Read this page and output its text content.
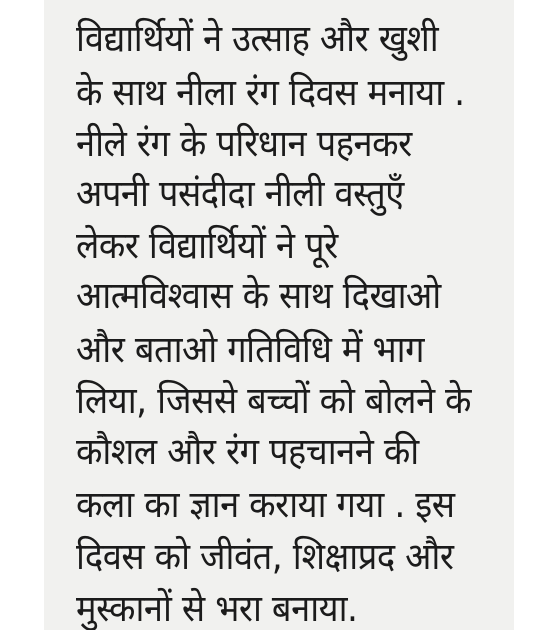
विद्यार्थियों ने उत्साह और खुशी

के साथ नीला रंग दिवस मनाया .

नीले रंग के परिधान पहनकर

अपनी पसंदीदा नीली वस्तुएँ

लेकर विद्यार्थियों ने पूरे

आत्मविश्वास के साथ दिखाओ

और बताओ गतिविधि में भाग

लिया, जिससे बच्चों को बोलने के

कौशल और रंग पहचानने की

कला का ज्ञान कराया गया . इस

दिवस को जीवंत, शिक्षाप्रद और

मुस्कानों से भरा बनाया.
